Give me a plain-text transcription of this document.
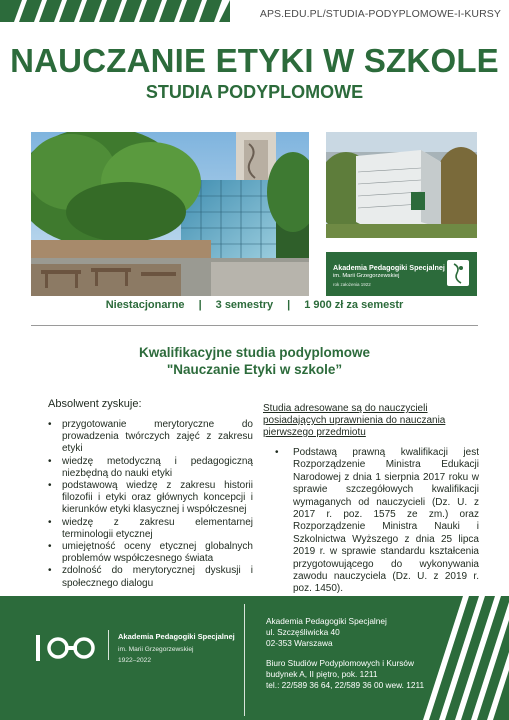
APS.EDU.PL/STUDIA-PODYPLOMOWE-I-KURSY
NAUCZANIE ETYKI W SZKOLE
STUDIA PODYPLOMOWE
Akademia Pedagogiki Specjalnej
im. Marii Grzegorzewskiej
rok założenia 1922
Niestacjonarne | 3 semestry | 1 900 zł za semestr
Kwalifikacyjne studia podyplomowe
"Nauczanie Etyki w szkole”
Absolwent zyskuje:
• przygotowanie merytoryczne do prowadzenia twórczych zajęć z zakresu etyki
• wiedzę metodyczną i pedagogiczną niezbędną do nauki etyki
• podstawową wiedzę z zakresu historii filozofii i etyki oraz głównych koncepcji i kierunków etyki klasycznej i współczesnej
• wiedzę z zakresu elementarnej terminologii etycznej
• umiejętność oceny etycznej globalnych problemów współczesnego świata
• zdolność do merytorycznej dyskusji i społecznego dialogu
Studia adresowane są do nauczycieli posiadających uprawnienia do nauczania pierwszego przedmiotu
• Podstawą prawną kwalifikacji jest Rozporządzenie Ministra Edukacji Narodowej z dnia 1 sierpnia 2017 roku w sprawie szczegółowych kwalifikacji wymaganych od nauczycieli (Dz. U. z 2017 r. poz. 1575 ze zm.) oraz Rozporządzenie Ministra Nauki i Szkolnictwa Wyższego z dnia 25 lipca 2019 r. w sprawie standardu kształcenia przygotowującego do wykonywania zawodu nauczyciela (Dz. U. z 2019 r. poz. 1450).
Akademia Pedagogiki Specjalnej
im. Marii Grzegorzewskiej
1922–2022
Akademia Pedagogiki Specjalnej
ul. Szczęśliwicka 40
02-353 Warszawa
Biuro Studiów Podyplomowych i Kursów
budynek A, II piętro, pok. 1211
tel.: 22/589 36 64, 22/589 36 00 wew. 1211
